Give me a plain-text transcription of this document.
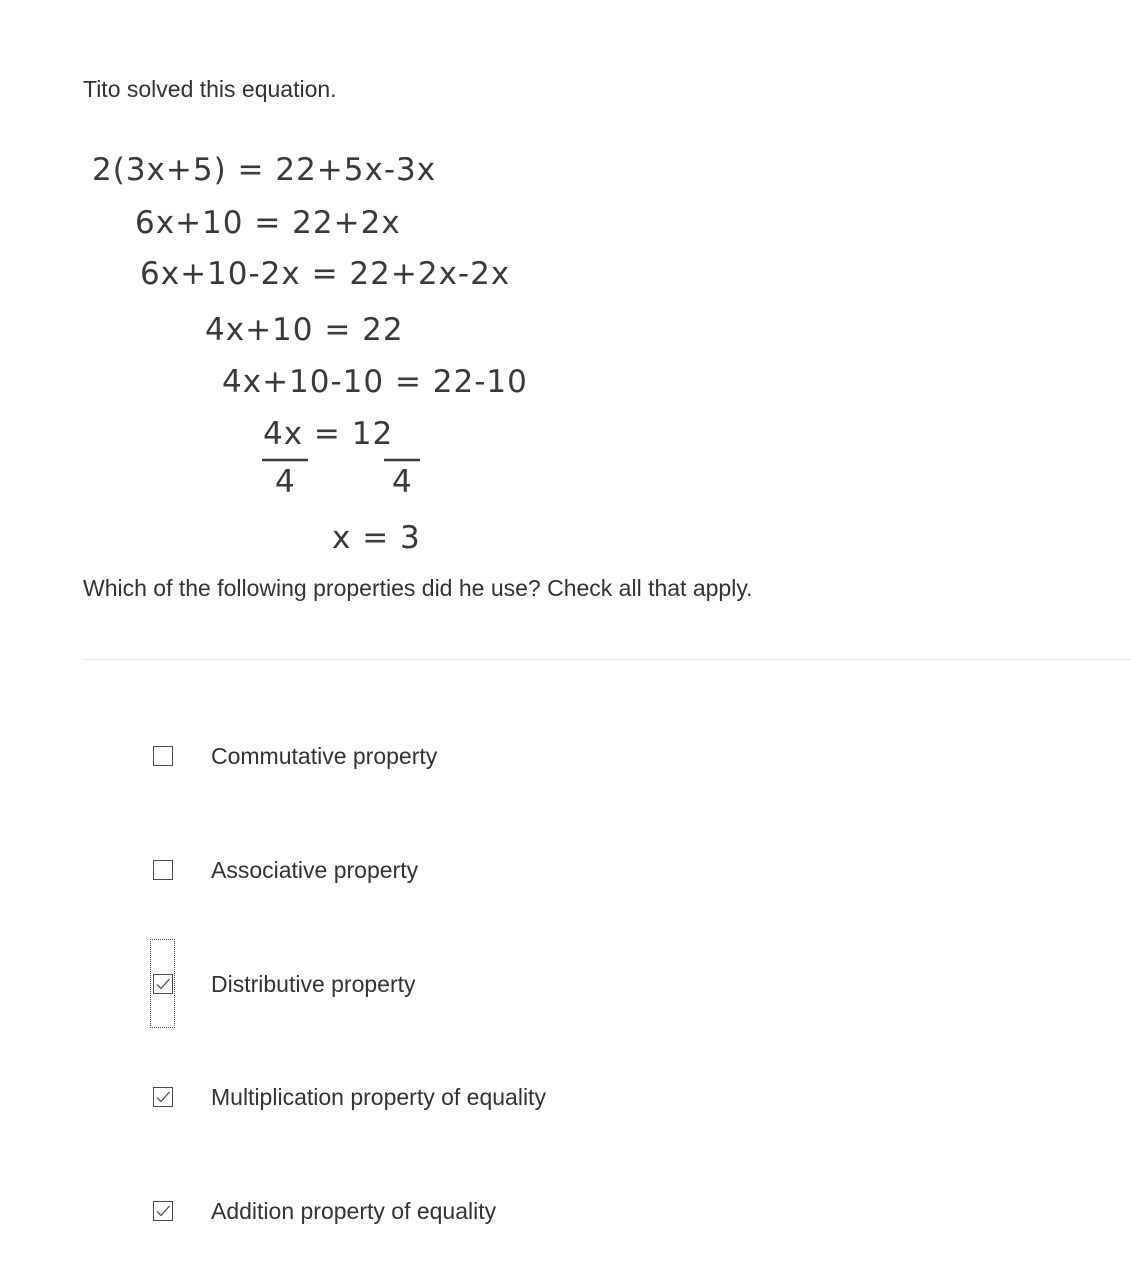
Tito solved this equation.
2(3x+5) = 22+5x-3x
6x+10 = 22+2x
6x+10-2x = 22+2x-2x
4x+10 = 22
4x+10-10 = 22-10
4x = 12
4	4
x = 3
Which of the following properties did he use? Check all that apply.
Commutative property
Associative property
Distributive property
Multiplication property of equality
Addition property of equality
